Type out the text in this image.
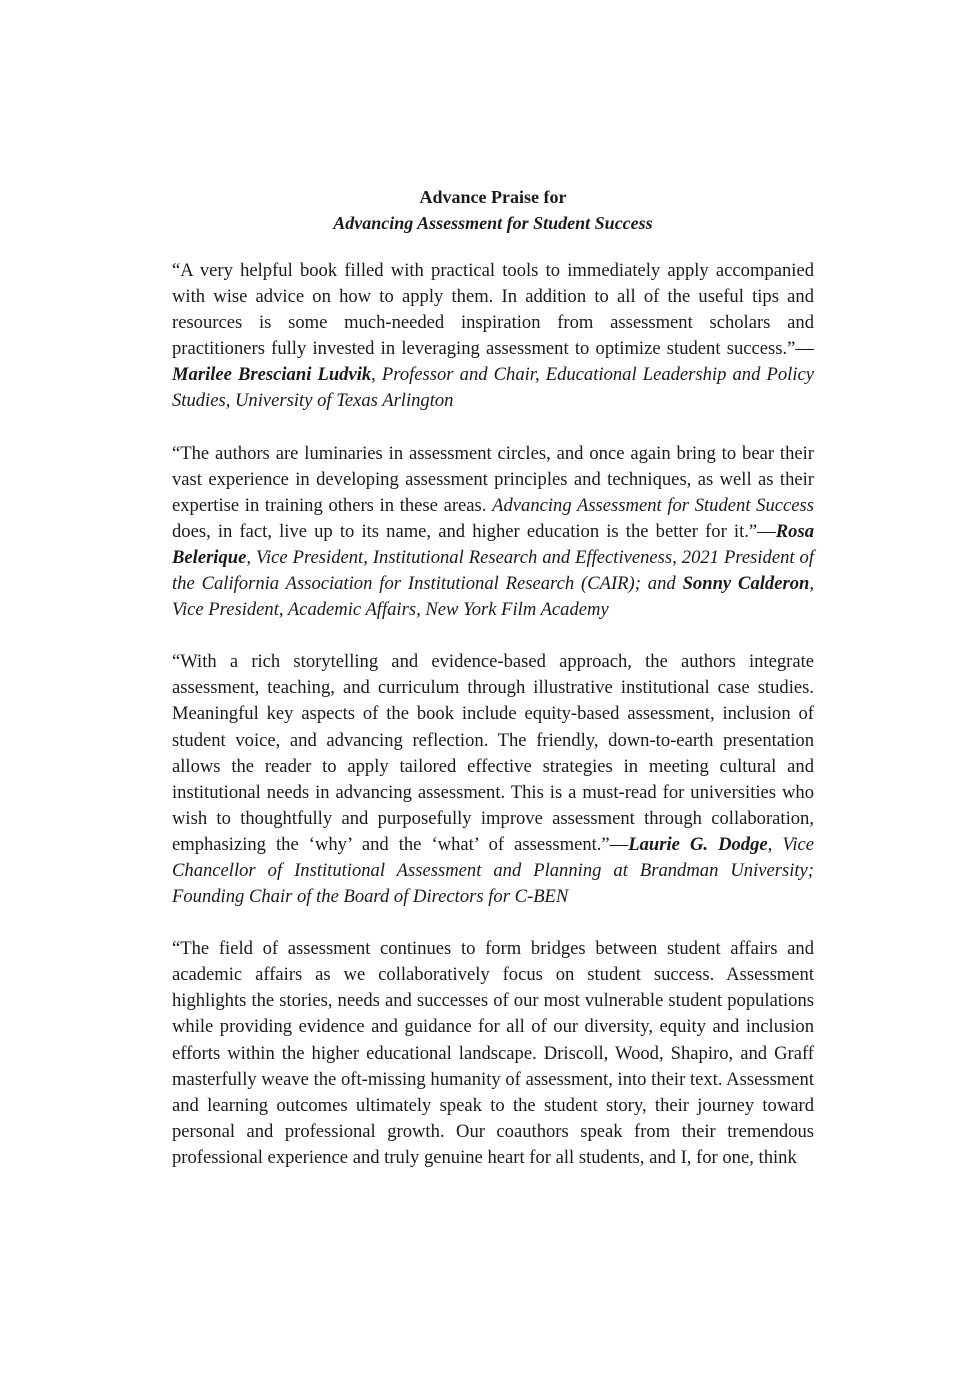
Advance Praise for
Advancing Assessment for Student Success

“A very helpful book filled with practical tools to immediately apply accompanied with wise advice on how to apply them. In addition to all of the useful tips and resources is some much-needed inspiration from assessment scholars and practitioners fully invested in leveraging assessment to optimize student success.”—Marilee Bresciani Ludvik, Professor and Chair, Educational Leadership and Policy Studies, University of Texas Arlington

“The authors are luminaries in assessment circles, and once again bring to bear their vast experience in developing assessment principles and techniques, as well as their expertise in training others in these areas. Advancing Assessment for Student Success does, in fact, live up to its name, and higher education is the better for it.”—Rosa Belerique, Vice President, Institutional Research and Effectiveness, 2021 President of the California Association for Institutional Research (CAIR); and Sonny Calderon, Vice President, Academic Affairs, New York Film Academy

“With a rich storytelling and evidence-based approach, the authors integrate assessment, teaching, and curriculum through illustrative institutional case studies. Meaningful key aspects of the book include equity-based assessment, inclusion of student voice, and advancing reflection. The friendly, down-to-earth presentation allows the reader to apply tailored effective strategies in meeting cultural and institutional needs in advancing assessment. This is a must-read for universities who wish to thoughtfully and purposefully improve assessment through collaboration, emphasizing the ‘why’ and the ‘what’ of assessment.”—Laurie G. Dodge, Vice Chancellor of Institutional Assessment and Planning at Brandman University; Founding Chair of the Board of Directors for C-BEN

“The field of assessment continues to form bridges between student affairs and academic affairs as we collaboratively focus on student success. Assessment highlights the stories, needs and successes of our most vulnerable student populations while providing evidence and guidance for all of our diversity, equity and inclusion efforts within the higher educational landscape. Driscoll, Wood, Shapiro, and Graff masterfully weave the oft-missing humanity of assessment, into their text. Assessment and learning outcomes ultimately speak to the student story, their journey toward personal and professional growth. Our coauthors speak from their tremendous professional experience and truly genuine heart for all students, and I, for one, think
